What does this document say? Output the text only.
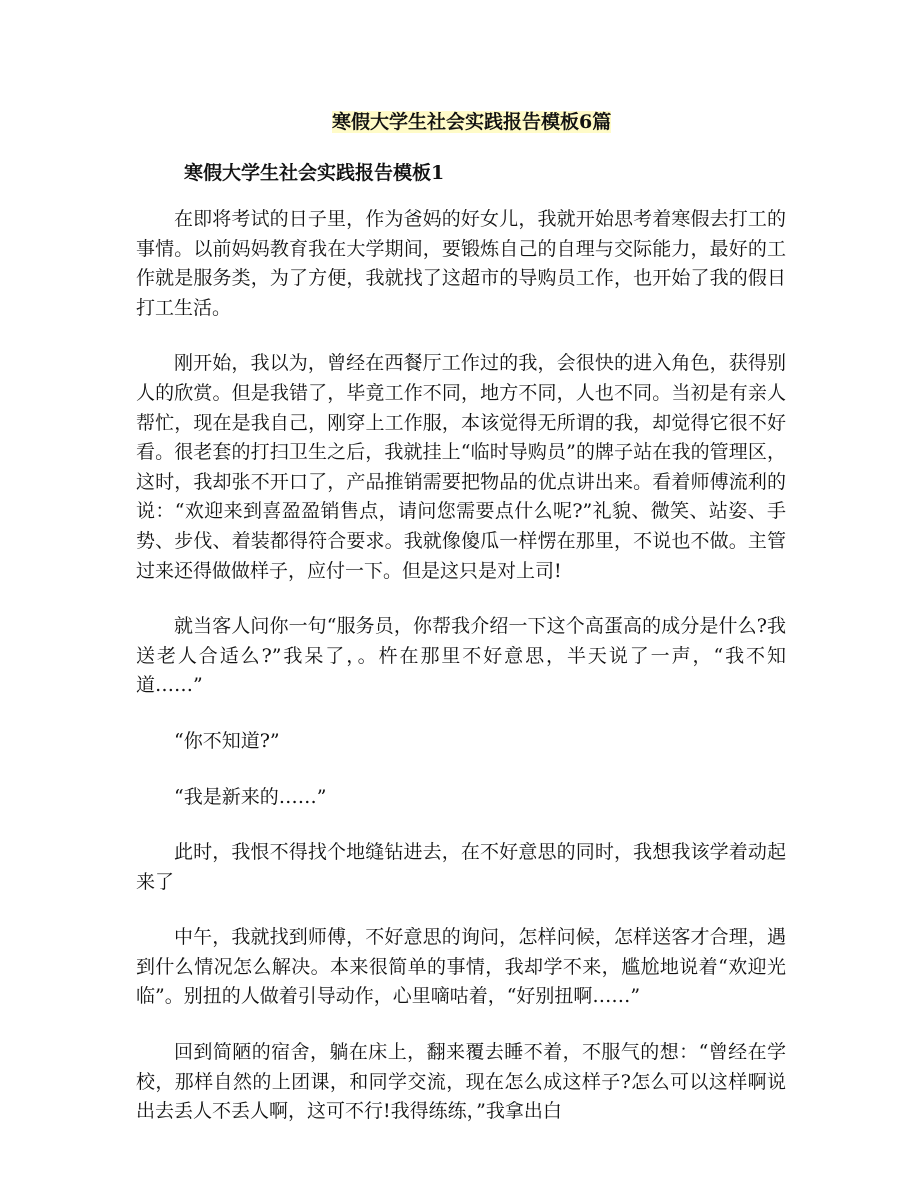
寒假大学生社会实践报告模板6篇
寒假大学生社会实践报告模板1

在即将考试的日子里，作为爸妈的好女儿，我就开始思考着寒假去打工的事情。以前妈妈教育我在大学期间，要锻炼自己的自理与交际能力，最好的工作就是服务类，为了方便，我就找了这超市的导购员工作，也开始了我的假日打工生活。

刚开始，我以为，曾经在西餐厅工作过的我，会很快的进入角色，获得别人的欣赏。但是我错了，毕竟工作不同，地方不同，人也不同。当初是有亲人帮忙，现在是我自己，刚穿上工作服，本该觉得无所谓的我，却觉得它很不好看。很老套的打扫卫生之后，我就挂上“临时导购员”的牌子站在我的管理区，这时，我却张不开口了，产品推销需要把物品的优点讲出来。看着师傅流利的说：“欢迎来到喜盈盈销售点，请问您需要点什么呢?”礼貌、微笑、站姿、手势、步伐、着装都得符合要求。我就像傻瓜一样愣在那里，不说也不做。主管过来还得做做样子，应付一下。但是这只是对上司!

就当客人问你一句“服务员，你帮我介绍一下这个高蛋高的成分是什么?我送老人合适么?”我呆了，。杵在那里不好意思，半天说了一声，“我不知道……”

“你不知道?”

“我是新来的……”

此时，我恨不得找个地缝钻进去，在不好意思的同时，我想我该学着动起来了

中午，我就找到师傅，不好意思的询问，怎样问候，怎样送客才合理，遇到什么情况怎么解决。本来很简单的事情，我却学不来，尴尬地说着“欢迎光临”。别扭的人做着引导动作，心里嘀咕着，“好别扭啊……”

回到简陋的宿舍，躺在床上，翻来覆去睡不着，不服气的想：“曾经在学校，那样自然的上团课，和同学交流，现在怎么成这样子?怎么可以这样啊说出去丢人不丢人啊，这可不行!我得练练，”我拿出白
